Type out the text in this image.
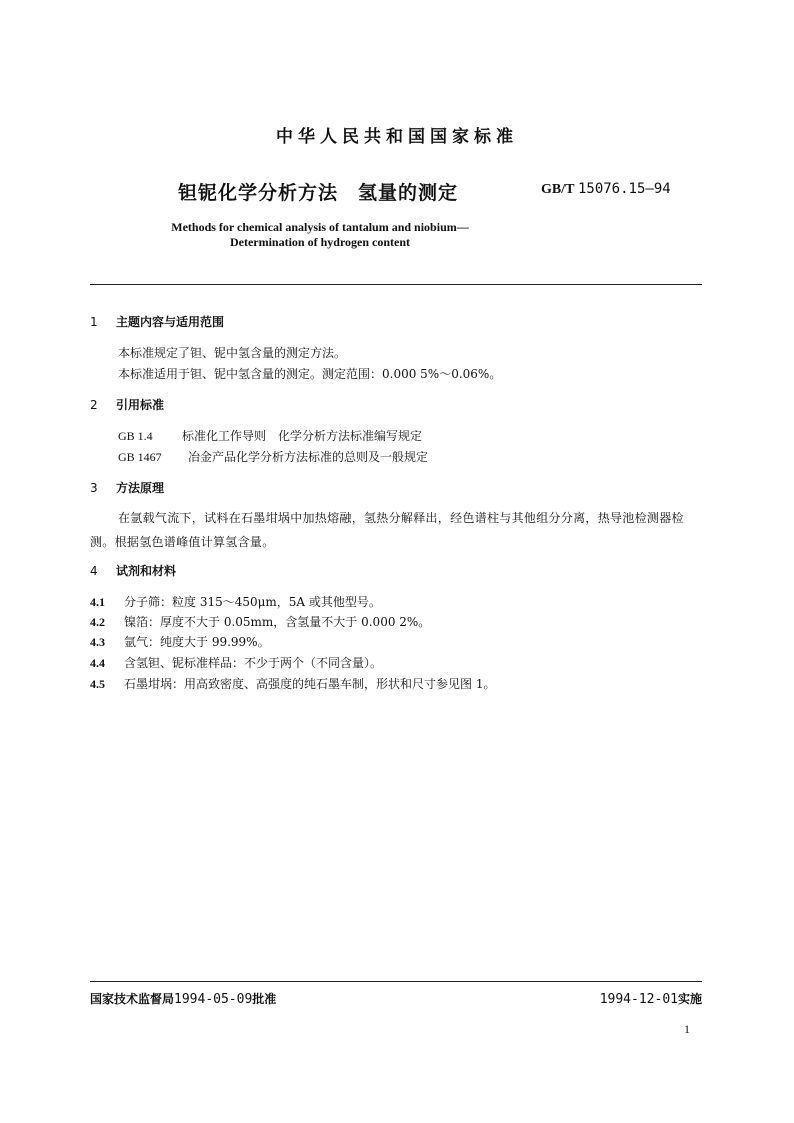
中华人民共和国国家标准
钽铌化学分析方法　氢量的测定	GB/T 15076.15—94
Methods for chemical analysis of tantalum and niobium—
Determination of hydrogen content
1 主题内容与适用范围
本标准规定了钽、铌中氢含量的测定方法。
本标准适用于钽、铌中氢含量的测定。测定范围：0.000 5%～0.06%。
2 引用标准
GB 1.4 标准化工作导则　化学分析方法标准编写规定
GB 1467 冶金产品化学分析方法标准的总则及一般规定
3 方法原理
在氩载气流下，试料在石墨坩埚中加热熔融，氢热分解释出，经色谱柱与其他组分分离，热导池检测器检测。根据氢色谱峰值计算氢含量。
4 试剂和材料
4.1 分子筛：粒度 315～450μm，5A 或其他型号。
4.2 镍箔：厚度不大于 0.05mm，含氢量不大于 0.000 2%。
4.3 氩气：纯度大于 99.99%。
4.4 含氢钽、铌标准样品：不少于两个（不同含量）。
4.5 石墨坩埚：用高致密度、高强度的纯石墨车制，形状和尺寸参见图 1。
国家技术监督局1994-05-09批准	1994-12-01实施
1
